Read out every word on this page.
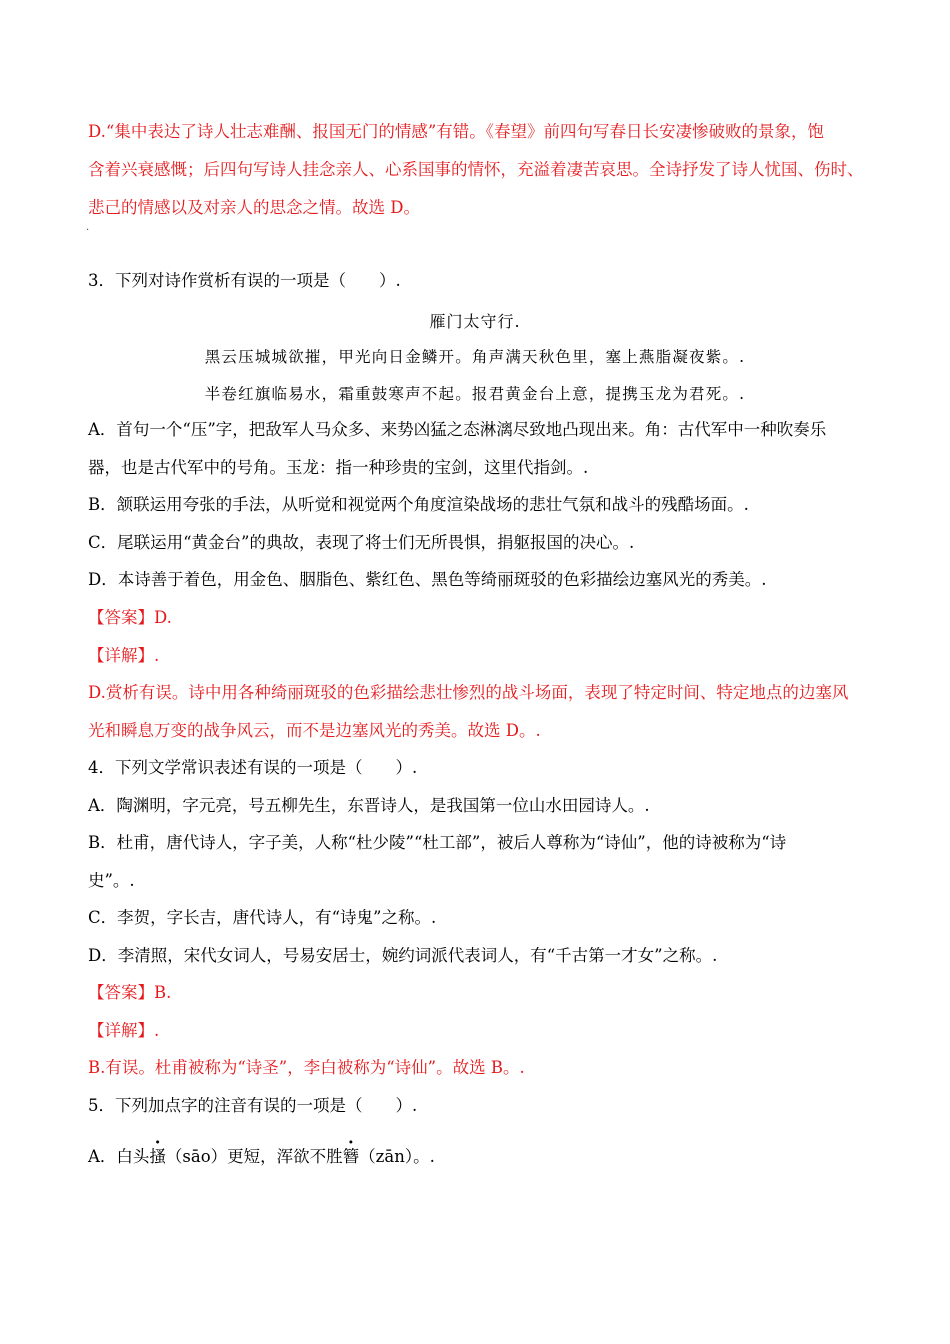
D.“集中表达了诗人壮志难酬、报国无门的情感”有错。《春望》前四句写春日长安凄惨破败的景象，饱
含着兴衰感慨；后四句写诗人挂念亲人、心系国事的情怀，充溢着凄苦哀思。全诗抒发了诗人忧国、伤时、
悲己的情感以及对亲人的思念之情。故选 D。
.
3．下列对诗作赏析有误的一项是（　　）.
雁门太守行.
黑云压城城欲摧，甲光向日金鳞开。角声满天秋色里，塞上燕脂凝夜紫。.
半卷红旗临易水，霜重鼓寒声不起。报君黄金台上意，提携玉龙为君死。.
A．首句一个“压”字，把敌军人马众多、来势凶猛之态淋漓尽致地凸现出来。角：古代军中一种吹奏乐
器，也是古代军中的号角。玉龙：指一种珍贵的宝剑，这里代指剑。.
B．颔联运用夸张的手法，从听觉和视觉两个角度渲染战场的悲壮气氛和战斗的残酷场面。.
C．尾联运用“黄金台”的典故，表现了将士们无所畏惧，捐躯报国的决心。.
D．本诗善于着色，用金色、胭脂色、紫红色、黑色等绮丽斑驳的色彩描绘边塞风光的秀美。.
【答案】D.
【详解】.
D.赏析有误。诗中用各种绮丽斑驳的色彩描绘悲壮惨烈的战斗场面，表现了特定时间、特定地点的边塞风
光和瞬息万变的战争风云，而不是边塞风光的秀美。故选 D。.
4．下列文学常识表述有误的一项是（　　）.
A．陶渊明，字元亮，号五柳先生，东晋诗人，是我国第一位山水田园诗人。.
B．杜甫，唐代诗人，字子美，人称“杜少陵”“杜工部”，被后人尊称为“诗仙”，他的诗被称为“诗
史”。.
C．李贺，字长吉，唐代诗人，有“诗鬼”之称。.
D．李清照，宋代女词人，号易安居士，婉约词派代表词人，有“千古第一才女”之称。.
【答案】B.
【详解】.
B.有误。杜甫被称为“诗圣”，李白被称为“诗仙”。故选 B。.
5．下列加点字的注音有误的一项是（　　）.
A．白头搔（sāo）更短，浑欲不胜簪（zān）。.
